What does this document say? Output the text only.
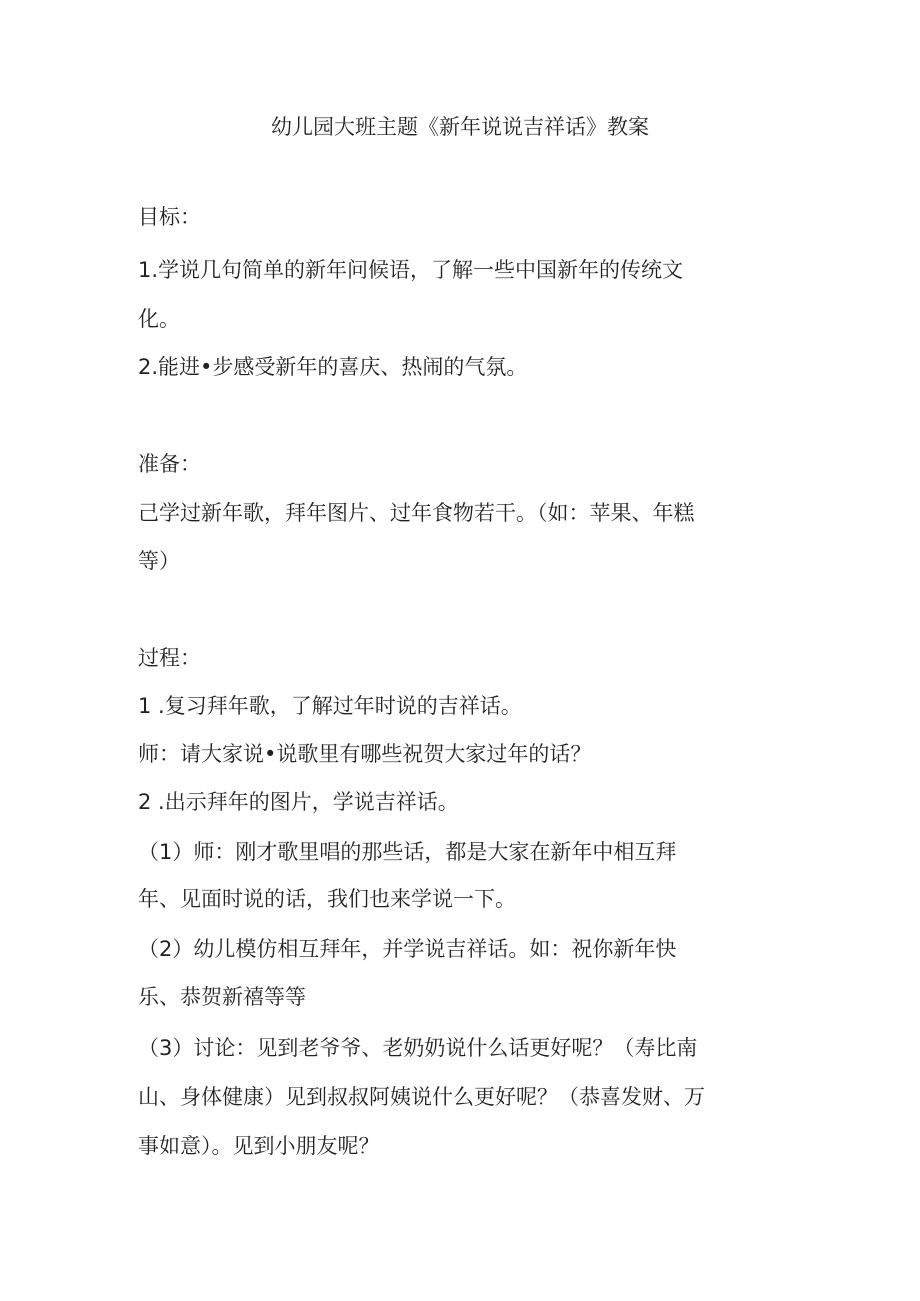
幼儿园大班主题《新年说说吉祥话》教案
目标：
1.学说几句简单的新年问候语，了解一些中国新年的传统文
化。
2.能进•步感受新年的喜庆、热闹的气氛。
准备：
己学过新年歌，拜年图片、过年食物若干。（如：苹果、年糕
等）
过程：
1 .复习拜年歌，了解过年时说的吉祥话。
师：请大家说•说歌里有哪些祝贺大家过年的话？
2 .出示拜年的图片，学说吉祥话。
（1）师：刚才歌里唱的那些话，都是大家在新年中相互拜
年、见面时说的话，我们也来学说一下。
（2）幼儿模仿相互拜年，并学说吉祥话。如：祝你新年快
乐、恭贺新禧等等
（3）讨论：见到老爷爷、老奶奶说什么话更好呢？（寿比南
山、身体健康）见到叔叔阿姨说什么更好呢？（恭喜发财、万
事如意）。见到小朋友呢？
